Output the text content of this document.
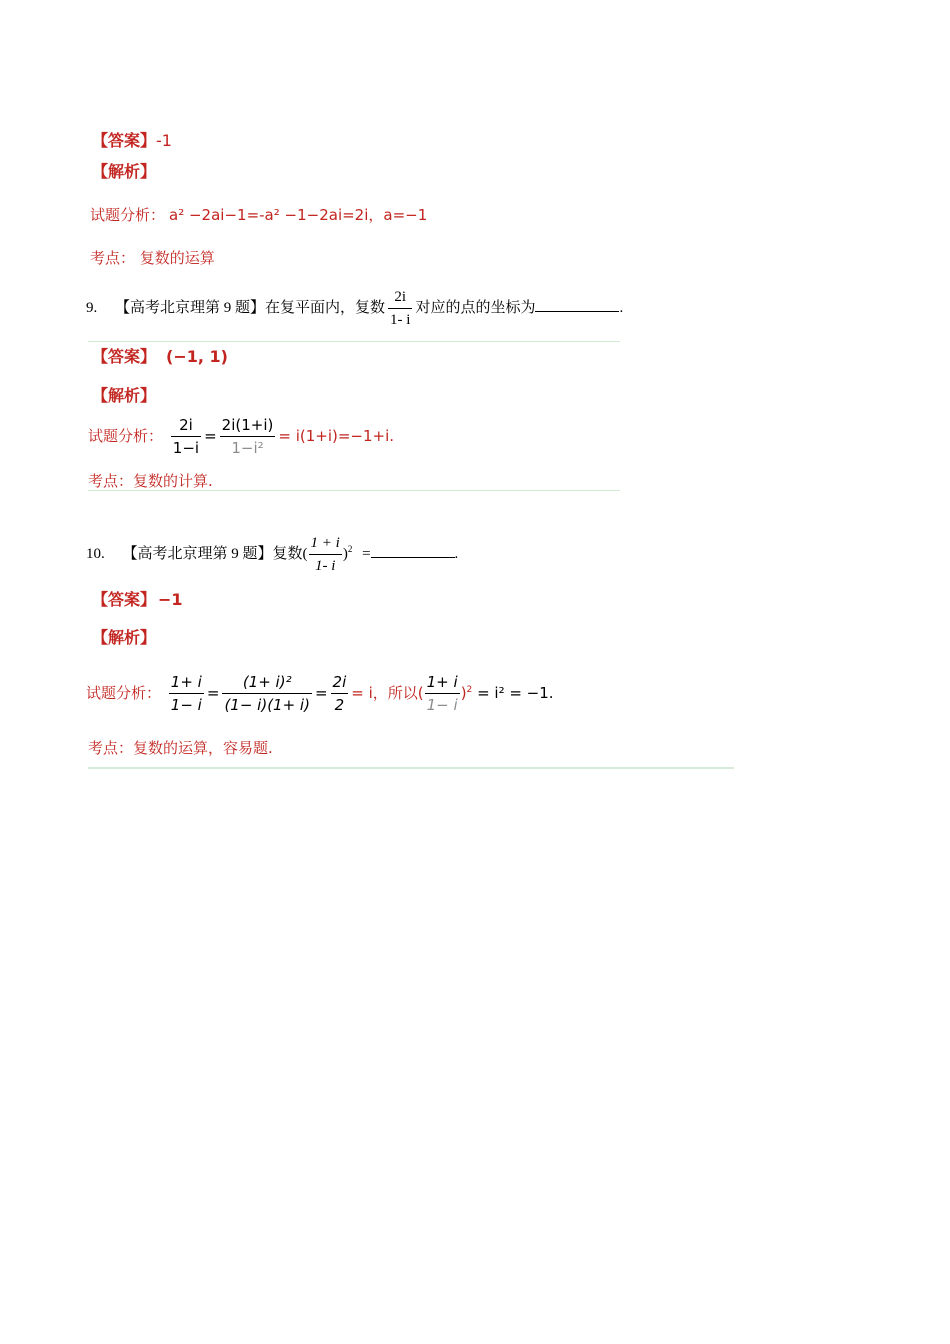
【答案】-1
【解析】
试题分析： a² −2ai−1=-a² −1−2ai=2i，a=−1
考点： 复数的运算
9. 【高考北京理第 9 题】在复平面内，复数 $\frac{2i}{1- i}$ 对应的点的坐标为	.
【答案】 (−1, 1)
【解析】
试题分析： $\frac{2i}{1-i} = \frac{2i(1+i)}{\text{1−i²}} = i(1+i)=-1+i$.
考点：复数的计算.
10. 【高考北京理第 9 题】复数( $\frac{1 + i}{1- i} )^2$ =	.
【答案】 −1
【解析】
试题分析： $\frac{1+ i}{1- i} = \frac{\text{(1+ i)²}}{(1- i)(1+ i)} = \frac{2i}{2} = i$，所以( $\frac{1+ i}{1- i} )^2 = i^2 = -1$.
考点：复数的运算，容易题.
